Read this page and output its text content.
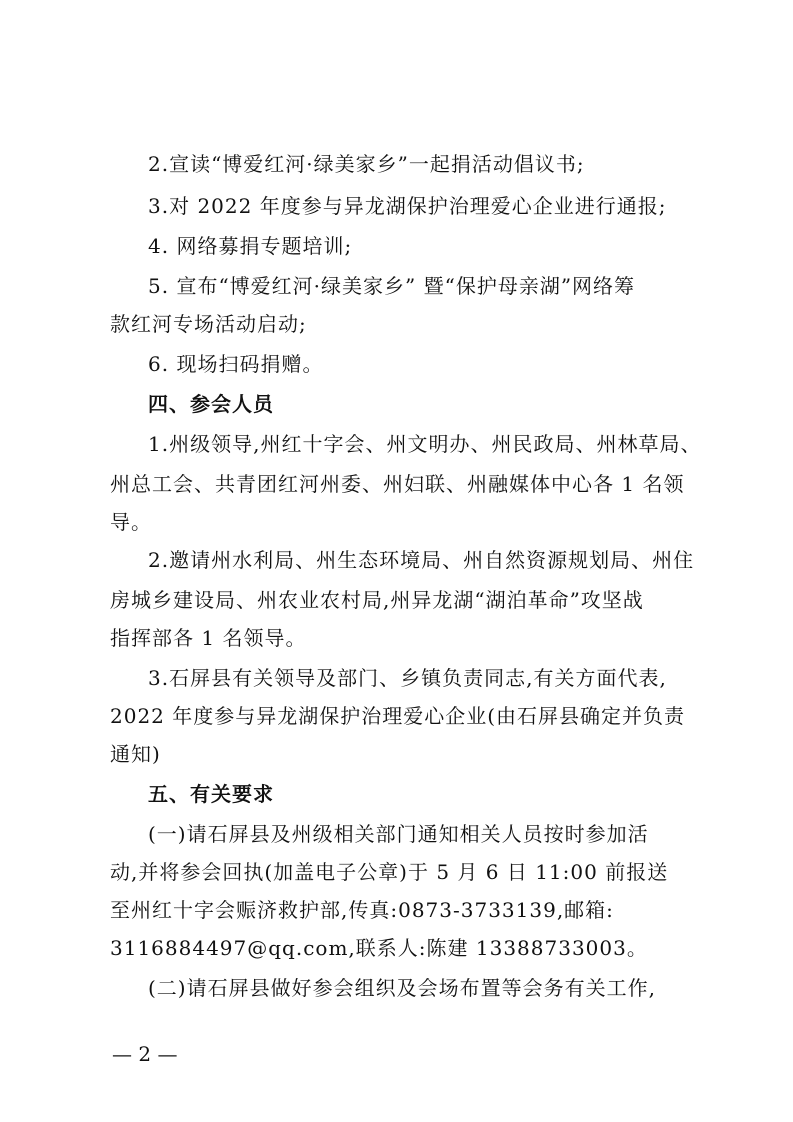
2.宣读“博爱红河·绿美家乡”一起捐活动倡议书;
3.对 2022 年度参与异龙湖保护治理爱心企业进行通报;
4. 网络募捐专题培训;
5. 宣布“博爱红河·绿美家乡” 暨“保护母亲湖”网络筹
款红河专场活动启动;
6. 现场扫码捐赠。
四、参会人员
1.州级领导,州红十字会、州文明办、州民政局、州林草局、
州总工会、共青团红河州委、州妇联、州融媒体中心各 1 名领
导。
2.邀请州水利局、州生态环境局、州自然资源规划局、州住
房城乡建设局、州农业农村局,州异龙湖“湖泊革命”攻坚战
指挥部各 1 名领导。
3.石屏县有关领导及部门、乡镇负责同志,有关方面代表,
2022 年度参与异龙湖保护治理爱心企业(由石屏县确定并负责
通知)
五、有关要求
(一)请石屏县及州级相关部门通知相关人员按时参加活
动,并将参会回执(加盖电子公章)于 5 月 6 日 11:00 前报送
至州红十字会赈济救护部,传真:0873-3733139,邮箱:
3116884497@qq.com,联系人:陈建 13388733003。
(二)请石屏县做好参会组织及会场布置等会务有关工作,
— 2 —
